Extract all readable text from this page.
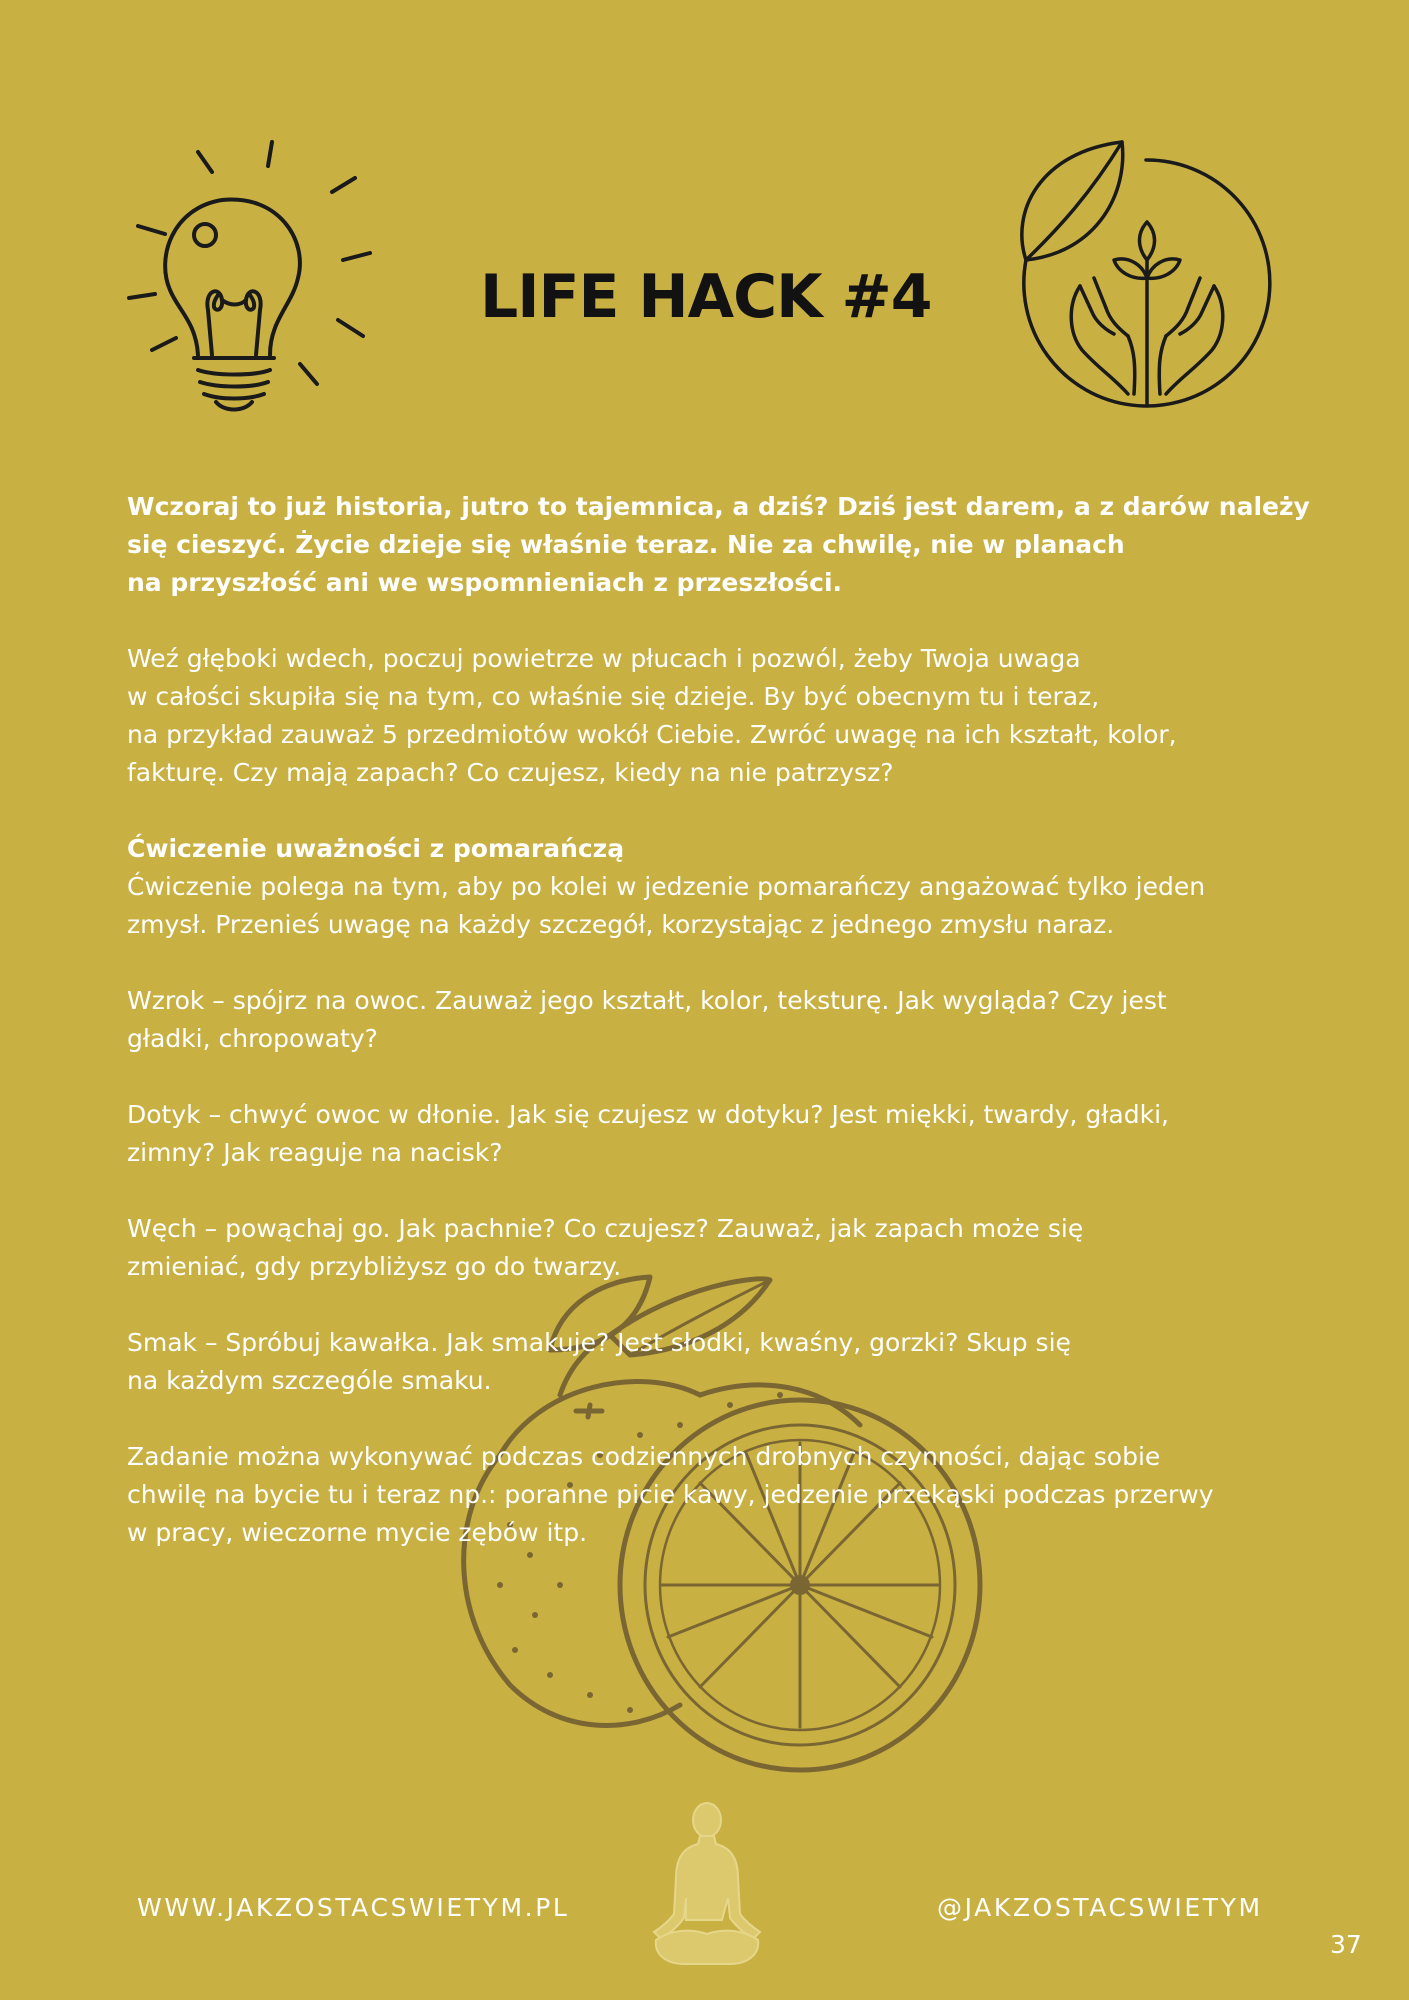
LIFE HACK #4

Wczoraj to już historia, jutro to tajemnica, a dziś? Dziś jest darem, a z darów należy
się cieszyć. Życie dzieje się właśnie teraz. Nie za chwilę, nie w planach
na przyszłość ani we wspomnieniach z przeszłości.

Weź głęboki wdech, poczuj powietrze w płucach i pozwól, żeby Twoja uwaga
w całości skupiła się na tym, co właśnie się dzieje. By być obecnym tu i teraz,
na przykład zauważ 5 przedmiotów wokół Ciebie. Zwróć uwagę na ich kształt, kolor,
fakturę. Czy mają zapach? Co czujesz, kiedy na nie patrzysz?

Ćwiczenie uważności z pomarańczą
Ćwiczenie polega na tym, aby po kolei w jedzenie pomarańczy angażować tylko jeden
zmysł. Przenieś uwagę na każdy szczegół, korzystając z jednego zmysłu naraz.

Wzrok – spójrz na owoc. Zauważ jego kształt, kolor, teksturę. Jak wygląda? Czy jest
gładki, chropowaty?

Dotyk – chwyć owoc w dłonie. Jak się czujesz w dotyku? Jest miękki, twardy, gładki,
zimny? Jak reaguje na nacisk?

Węch – powąchaj go. Jak pachnie? Co czujesz? Zauważ, jak zapach może się
zmieniać, gdy przybliżysz go do twarzy.

Smak – Spróbuj kawałka. Jak smakuje? Jest słodki, kwaśny, gorzki? Skup się
na każdym szczególe smaku.

Zadanie można wykonywać podczas codziennych drobnych czynności, dając sobie
chwilę na bycie tu i teraz np.: poranne picie kawy, jedzenie przekąski podczas przerwy
w pracy, wieczorne mycie zębów itp.

WWW.JAKZOSTACSWIETYM.PL	@JAKZOSTACSWIETYM
37
